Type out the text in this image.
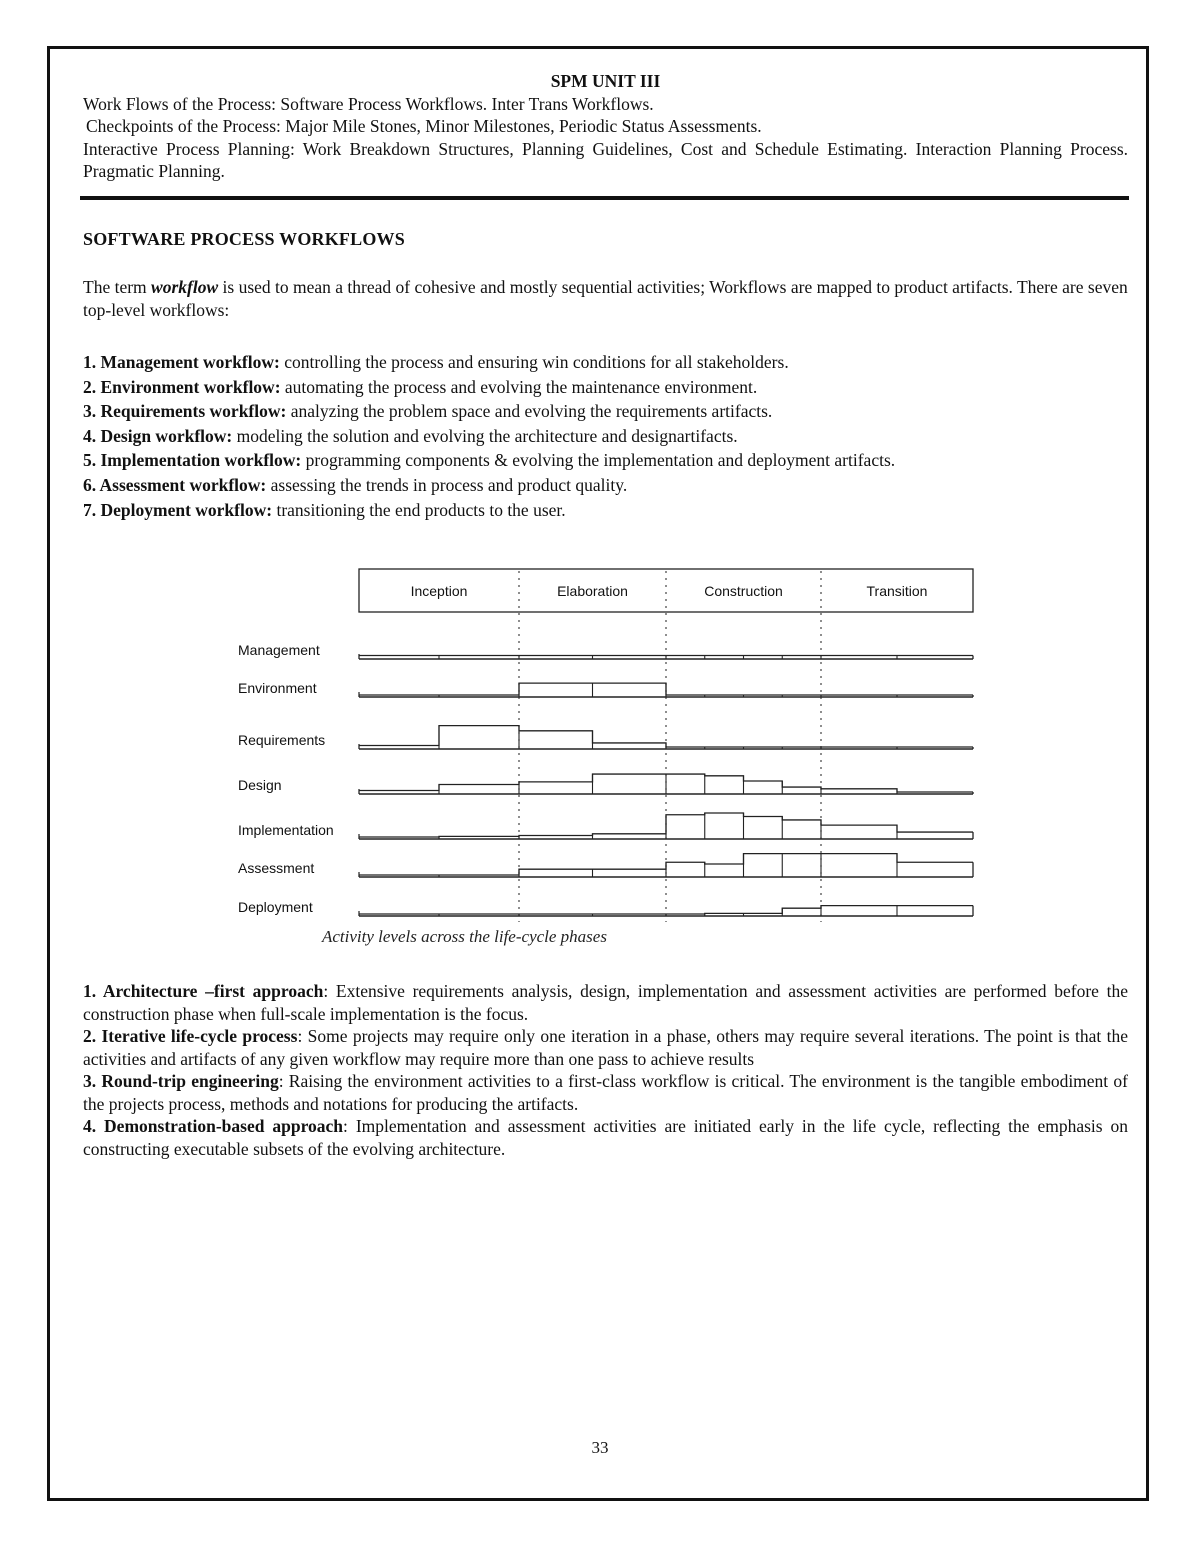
SPM UNIT III
Work Flows of the Process: Software Process Workflows. Inter Trans Workflows.
Checkpoints of the Process: Major Mile Stones, Minor Milestones, Periodic Status Assessments.
Interactive Process Planning: Work Breakdown Structures, Planning Guidelines, Cost and Schedule Estimating. Interaction Planning Process. Pragmatic Planning.
SOFTWARE PROCESS WORKFLOWS
The term workflow is used to mean a thread of cohesive and mostly sequential activities; Workflows are mapped to product artifacts. There are seven top-level workflows:
1. Management workflow: controlling the process and ensuring win conditions for all stakeholders.
2. Environment workflow: automating the process and evolving the maintenance environment.
3. Requirements workflow: analyzing the problem space and evolving the requirements artifacts.
4. Design workflow: modeling the solution and evolving the architecture and designartifacts.
5. Implementation workflow: programming components & evolving the implementation and deployment artifacts.
6. Assessment workflow: assessing the trends in process and product quality.
7. Deployment workflow: transitioning the end products to the user.
Inception	Elaboration	Construction	Transition
Management
Environment
Requirements
Design
Implementation
Assessment
Deployment
Activity levels across the life-cycle phases

1. Architecture –first approach: Extensive requirements analysis, design, implementation and assessment activities are performed before the construction phase when full-scale implementation is the focus.

2. Iterative life-cycle process: Some projects may require only one iteration in a phase, others may require several iterations. The point is that the activities and artifacts of any given workflow may require more than one pass to achieve results

3. Round-trip engineering: Raising the environment activities to a first-class workflow is critical. The environment is the tangible embodiment of the projects process, methods and notations for producing the artifacts.

4. Demonstration-based approach: Implementation and assessment activities are initiated early in the life cycle, reflecting the emphasis on constructing executable subsets of the evolving architecture.

33
